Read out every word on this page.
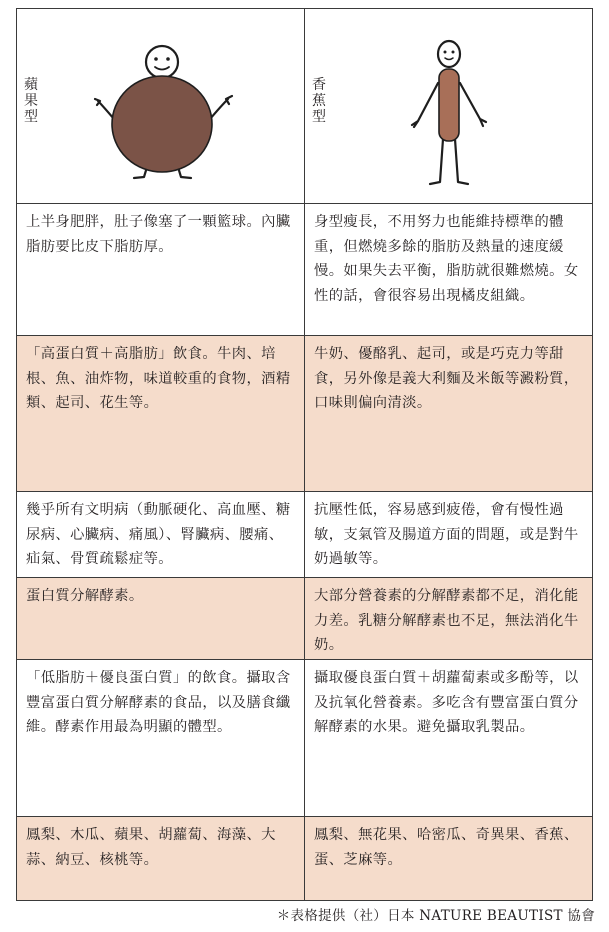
蘋果型
香蕉型
上半身肥胖，肚子像塞了一顆籃球。內臟脂肪要比皮下脂肪厚。
身型瘦長，不用努力也能維持標準的體重，但燃燒多餘的脂肪及熱量的速度緩慢。如果失去平衡，脂肪就很難燃燒。女性的話，會很容易出現橘皮組織。
「高蛋白質＋高脂肪」飲食。牛肉、培根、魚、油炸物，味道較重的食物，酒精類、起司、花生等。
牛奶、優酪乳、起司，或是巧克力等甜食，另外像是義大利麵及米飯等澱粉質，口味則偏向清淡。
幾乎所有文明病（動脈硬化、高血壓、糖尿病、心臟病、痛風）、腎臟病、腰痛、疝氣、骨質疏鬆症等。
抗壓性低，容易感到疲倦，會有慢性過敏，支氣管及腸道方面的問題，或是對牛奶過敏等。
蛋白質分解酵素。	大部分營養素的分解酵素都不足，消化能力差。乳糖分解酵素也不足，無法消化牛奶。
「低脂肪＋優良蛋白質」的飲食。攝取含豐富蛋白質分解酵素的食品，以及膳食纖維。酵素作用最為明顯的體型。
攝取優良蛋白質＋胡蘿蔔素或多酚等，以及抗氧化營養素。多吃含有豐富蛋白質分解酵素的水果。避免攝取乳製品。
鳳梨、木瓜、蘋果、胡蘿蔔、海藻、大蒜、納豆、核桃等。
鳳梨、無花果、哈密瓜、奇異果、香蕉、蛋、芝麻等。
＊表格提供（社）日本 NATURE BEAUTIST 協會
